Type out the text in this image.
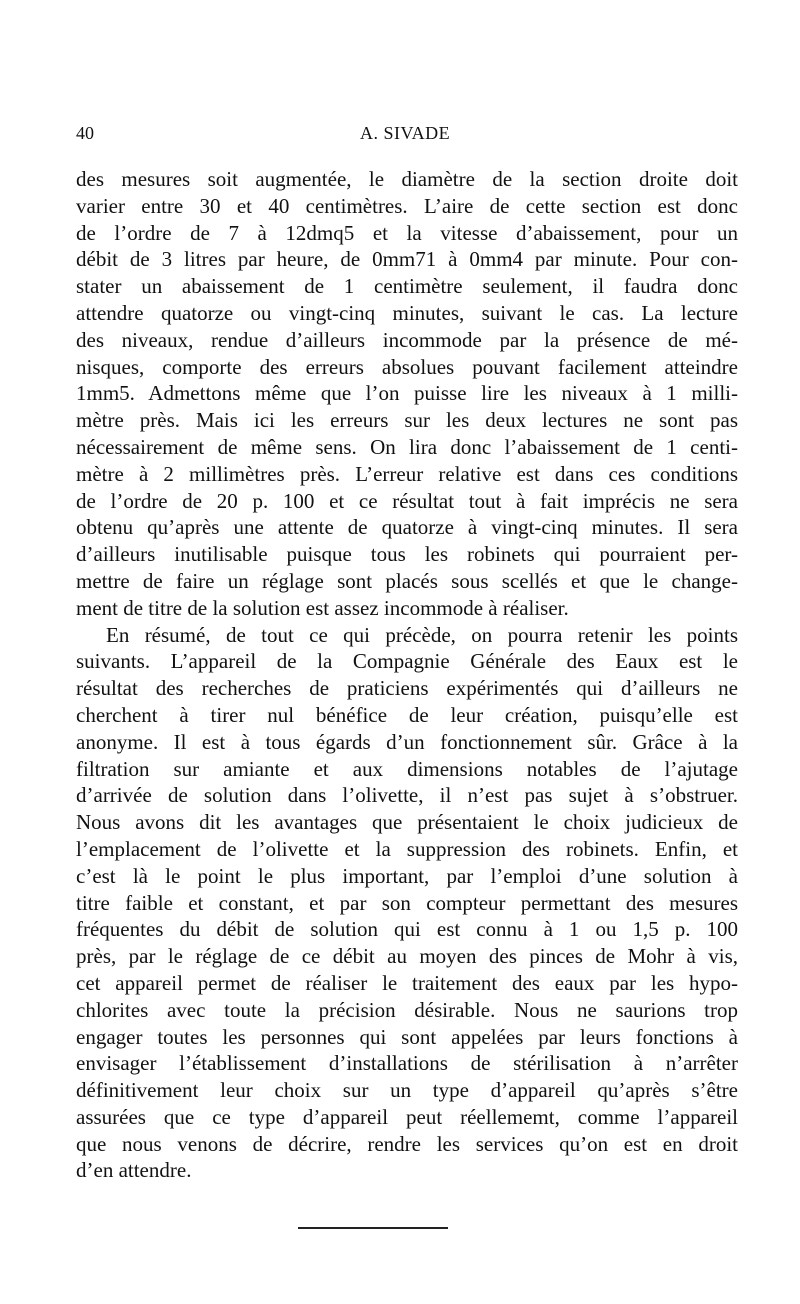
40	A. SIVADE
des mesures soit augmentée, le diamètre de la section droite doit
varier entre 30 et 40 centimètres. L’aire de cette section est donc
de l’ordre de 7 à 12dmq5 et la vitesse d’abaissement, pour un
débit de 3 litres par heure, de 0mm71 à 0mm4 par minute. Pour con-
stater un abaissement de 1 centimètre seulement, il faudra donc
attendre quatorze ou vingt-cinq minutes, suivant le cas. La lecture
des niveaux, rendue d’ailleurs incommode par la présence de mé-
nisques, comporte des erreurs absolues pouvant facilement atteindre
1mm5. Admettons même que l’on puisse lire les niveaux à 1 milli-
mètre près. Mais ici les erreurs sur les deux lectures ne sont pas
nécessairement de même sens. On lira donc l’abaissement de 1 centi-
mètre à 2 millimètres près. L’erreur relative est dans ces conditions
de l’ordre de 20 p. 100 et ce résultat tout à fait imprécis ne sera
obtenu qu’après une attente de quatorze à vingt-cinq minutes. Il sera
d’ailleurs inutilisable puisque tous les robinets qui pourraient per-
mettre de faire un réglage sont placés sous scellés et que le change-
ment de titre de la solution est assez incommode à réaliser.
En résumé, de tout ce qui précède, on pourra retenir les points
suivants. L’appareil de la Compagnie Générale des Eaux est le
résultat des recherches de praticiens expérimentés qui d’ailleurs ne
cherchent à tirer nul bénéfice de leur création, puisqu’elle est
anonyme. Il est à tous égards d’un fonctionnement sûr. Grâce à la
filtration sur amiante et aux dimensions notables de l’ajutage
d’arrivée de solution dans l’olivette, il n’est pas sujet à s’obstruer.
Nous avons dit les avantages que présentaient le choix judicieux de
l’emplacement de l’olivette et la suppression des robinets. Enfin, et
c’est là le point le plus important, par l’emploi d’une solution à
titre faible et constant, et par son compteur permettant des mesures
fréquentes du débit de solution qui est connu à 1 ou 1,5 p. 100
près, par le réglage de ce débit au moyen des pinces de Mohr à vis,
cet appareil permet de réaliser le traitement des eaux par les hypo-
chlorites avec toute la précision désirable. Nous ne saurions trop
engager toutes les personnes qui sont appelées par leurs fonctions à
envisager l’établissement d’installations de stérilisation à n’arrêter
définitivement leur choix sur un type d’appareil qu’après s’être
assurées que ce type d’appareil peut réellememt, comme l’appareil
que nous venons de décrire, rendre les services qu’on est en droit
d’en attendre.
